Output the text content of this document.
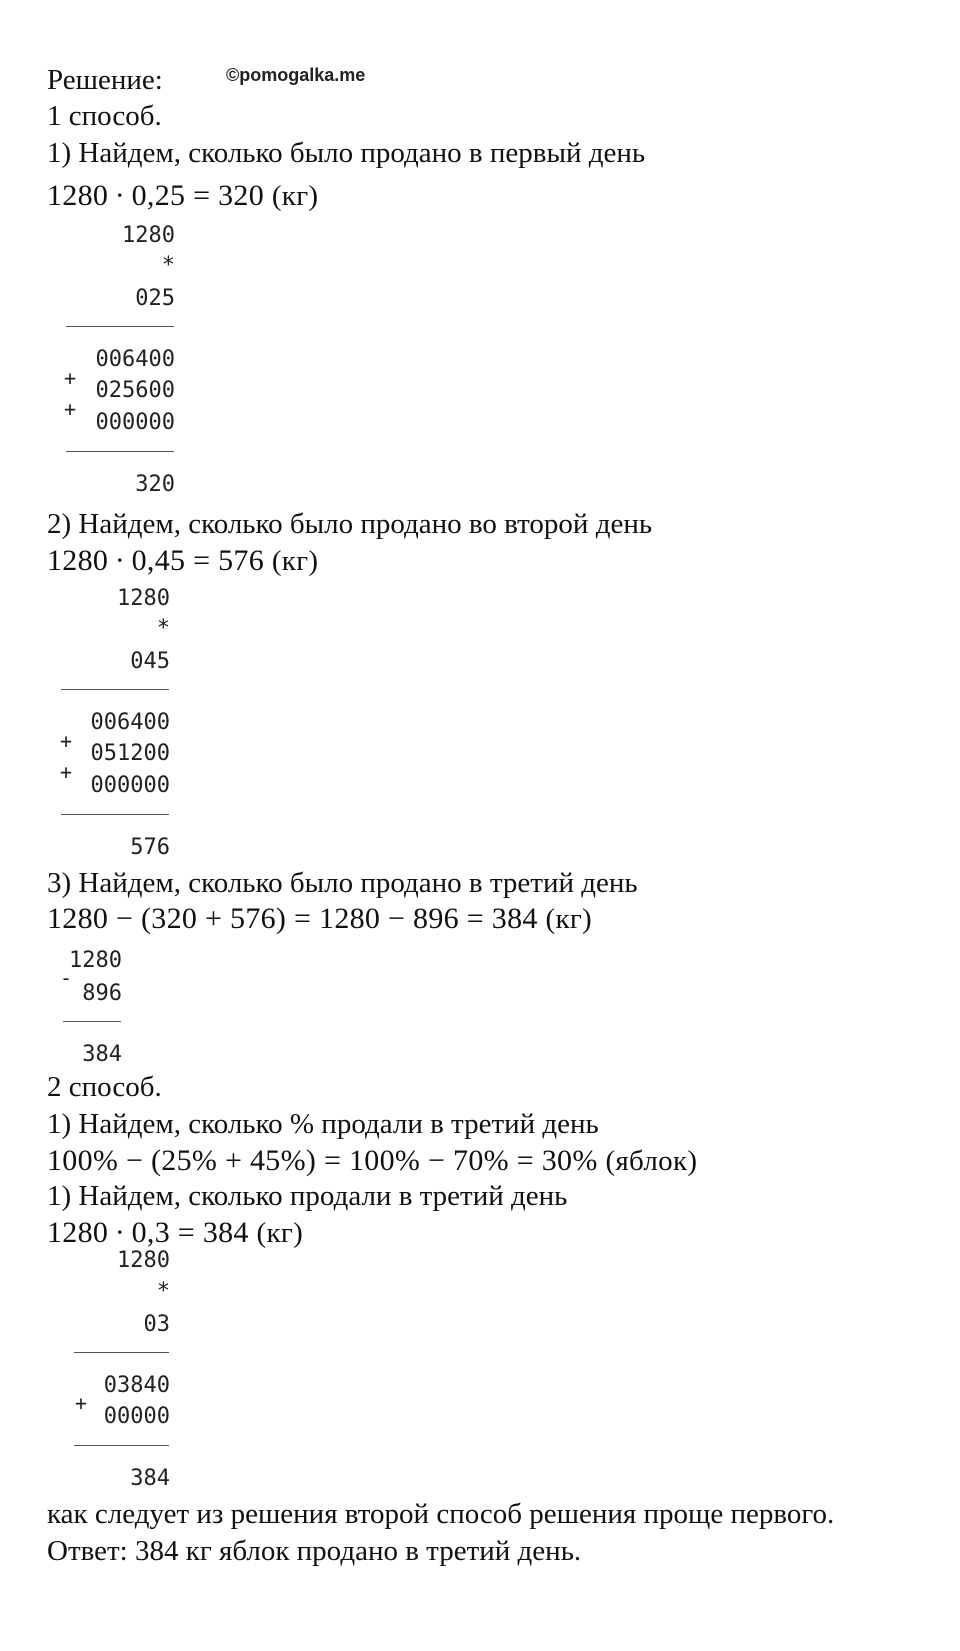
Решение:	©pomogalka.me
1 способ.
1) Найдем, сколько было продано в первый день
1280 ∙ 0,25 = 320 (кг)
1280
*
025
006400
+ 025600
+
000000
320
2) Найдем, сколько было продано во второй день
1280 ∙ 0,45 = 576 (кг)
1280
*
045
006400
+ 051200
+
000000
576
3) Найдем, сколько было продано в третий день
1280 − (320 + 576) = 1280 − 896 = 384 (кг)
1280
-
896
384
2 способ.
1) Найдем, сколько % продали в третий день
100% − (25% + 45%) = 100% − 70% = 30% (яблок)
1) Найдем, сколько продали в третий день
1280 ∙ 0,3 = 384 (кг)
1280
*
03
03840
+
00000
384
как следует из решения второй способ решения проще первого.
Ответ: 384 кг яблок продано в третий день.
